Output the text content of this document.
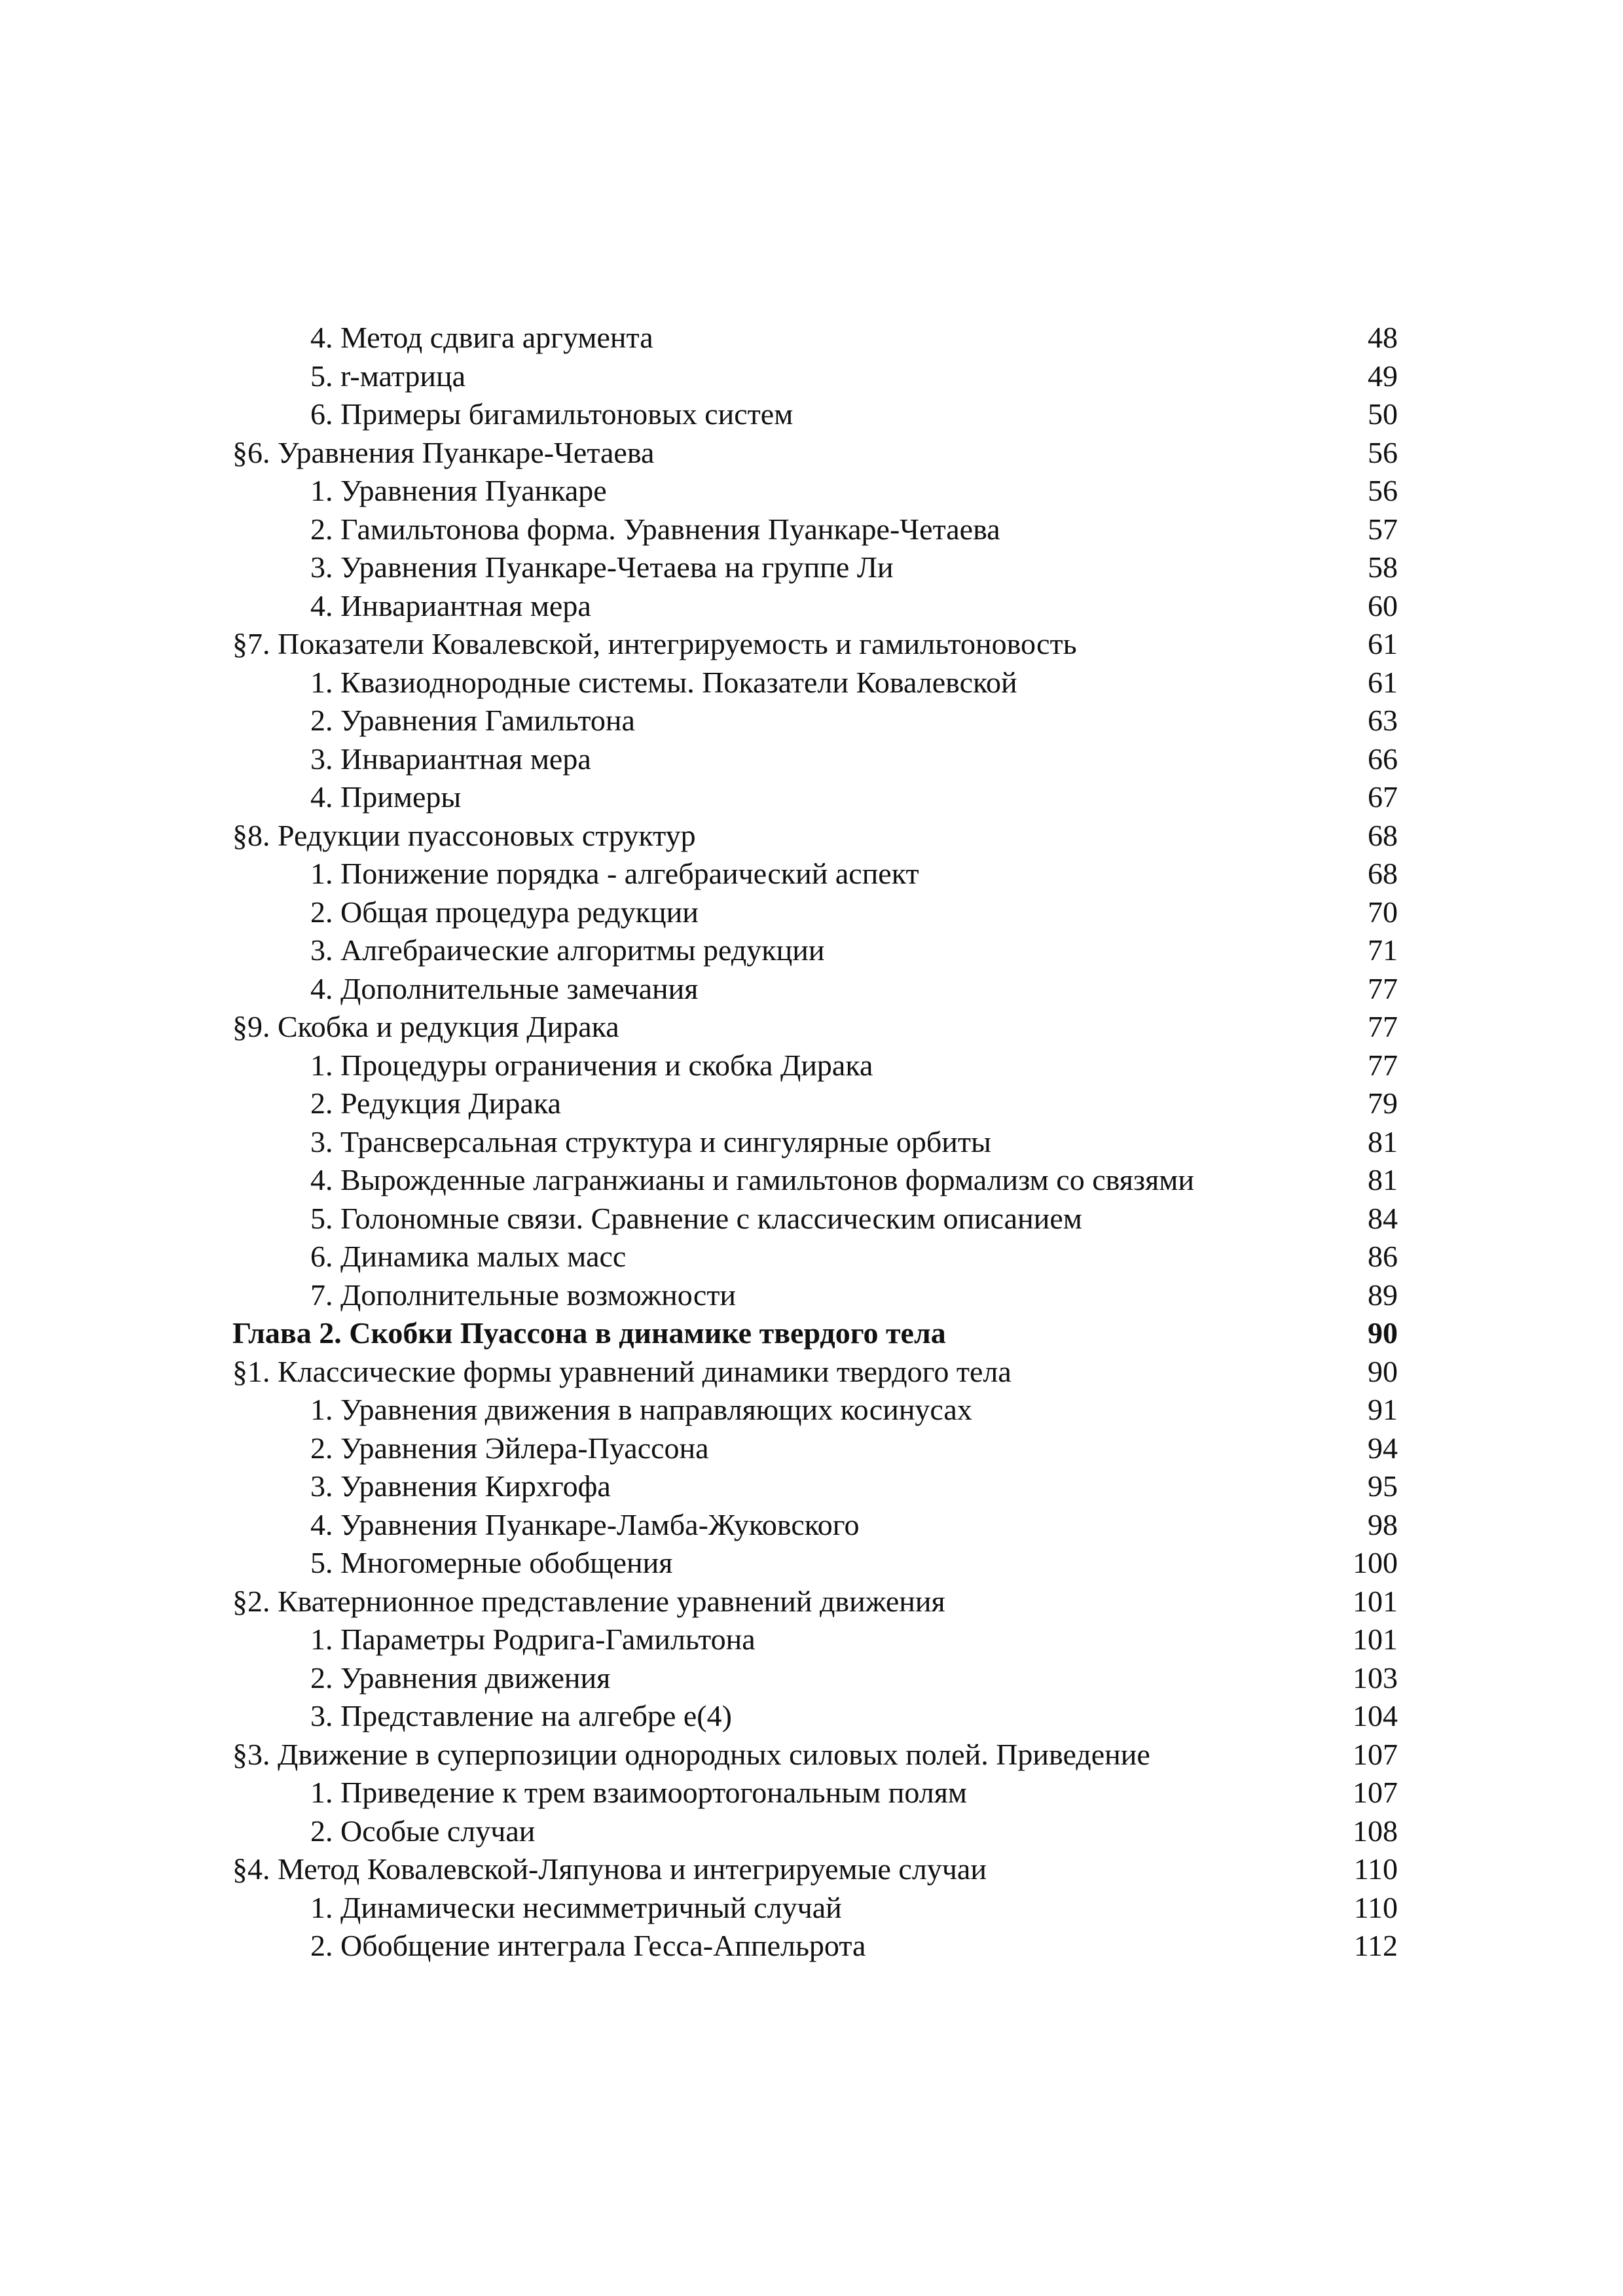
4. Метод сдвига аргумента	48
5. r-матрица	49
6. Примеры бигамильтоновых систем	50
§6. Уравнения Пуанкаре-Четаева	56
1. Уравнения Пуанкаре	56
2. Гамильтонова форма. Уравнения Пуанкаре-Четаева	57
3. Уравнения Пуанкаре-Четаева на группе Ли	58
4. Инвариантная мера	60
§7. Показатели Ковалевской, интегрируемость и гамильтоновость	61
1. Квазиоднородные системы. Показатели Ковалевской	61
2. Уравнения Гамильтона	63
3. Инвариантная мера	66
4. Примеры	67
§8. Редукции пуассоновых структур	68
1. Понижение порядка - алгебраический аспект	68
2. Общая процедура редукции	70
3. Алгебраические алгоритмы редукции	71
4. Дополнительные замечания	77
§9. Скобка и редукция Дирака	77
1. Процедуры ограничения и скобка Дирака	77
2. Редукция Дирака	79
3. Трансверсальная структура и сингулярные орбиты	81
4. Вырожденные лагранжианы и гамильтонов формализм со связями	81
5. Голономные связи. Сравнение с классическим описанием	84
6. Динамика малых масс	86
7. Дополнительные возможности	89
Глава 2. Скобки Пуассона в динамике твердого тела	90
§1. Классические формы уравнений динамики твердого тела	90
1. Уравнения движения в направляющих косинусах	91
2. Уравнения Эйлера-Пуассона	94
3. Уравнения Кирхгофа	95
4. Уравнения Пуанкаре-Ламба-Жуковского	98
5. Многомерные обобщения	100
§2. Кватернионное представление уравнений движения	101
1. Параметры Родрига-Гамильтона	101
2. Уравнения движения	103
3. Представление на алгебре e(4)	104
§3. Движение в суперпозиции однородных силовых полей. Приведение	107
1. Приведение к трем взаимоортогональным полям	107
2. Особые случаи	108
§4. Метод Ковалевской-Ляпунова и интегрируемые случаи	110
1. Динамически несимметричный случай	110
2. Обобщение интеграла Гесса-Аппельрота	112
